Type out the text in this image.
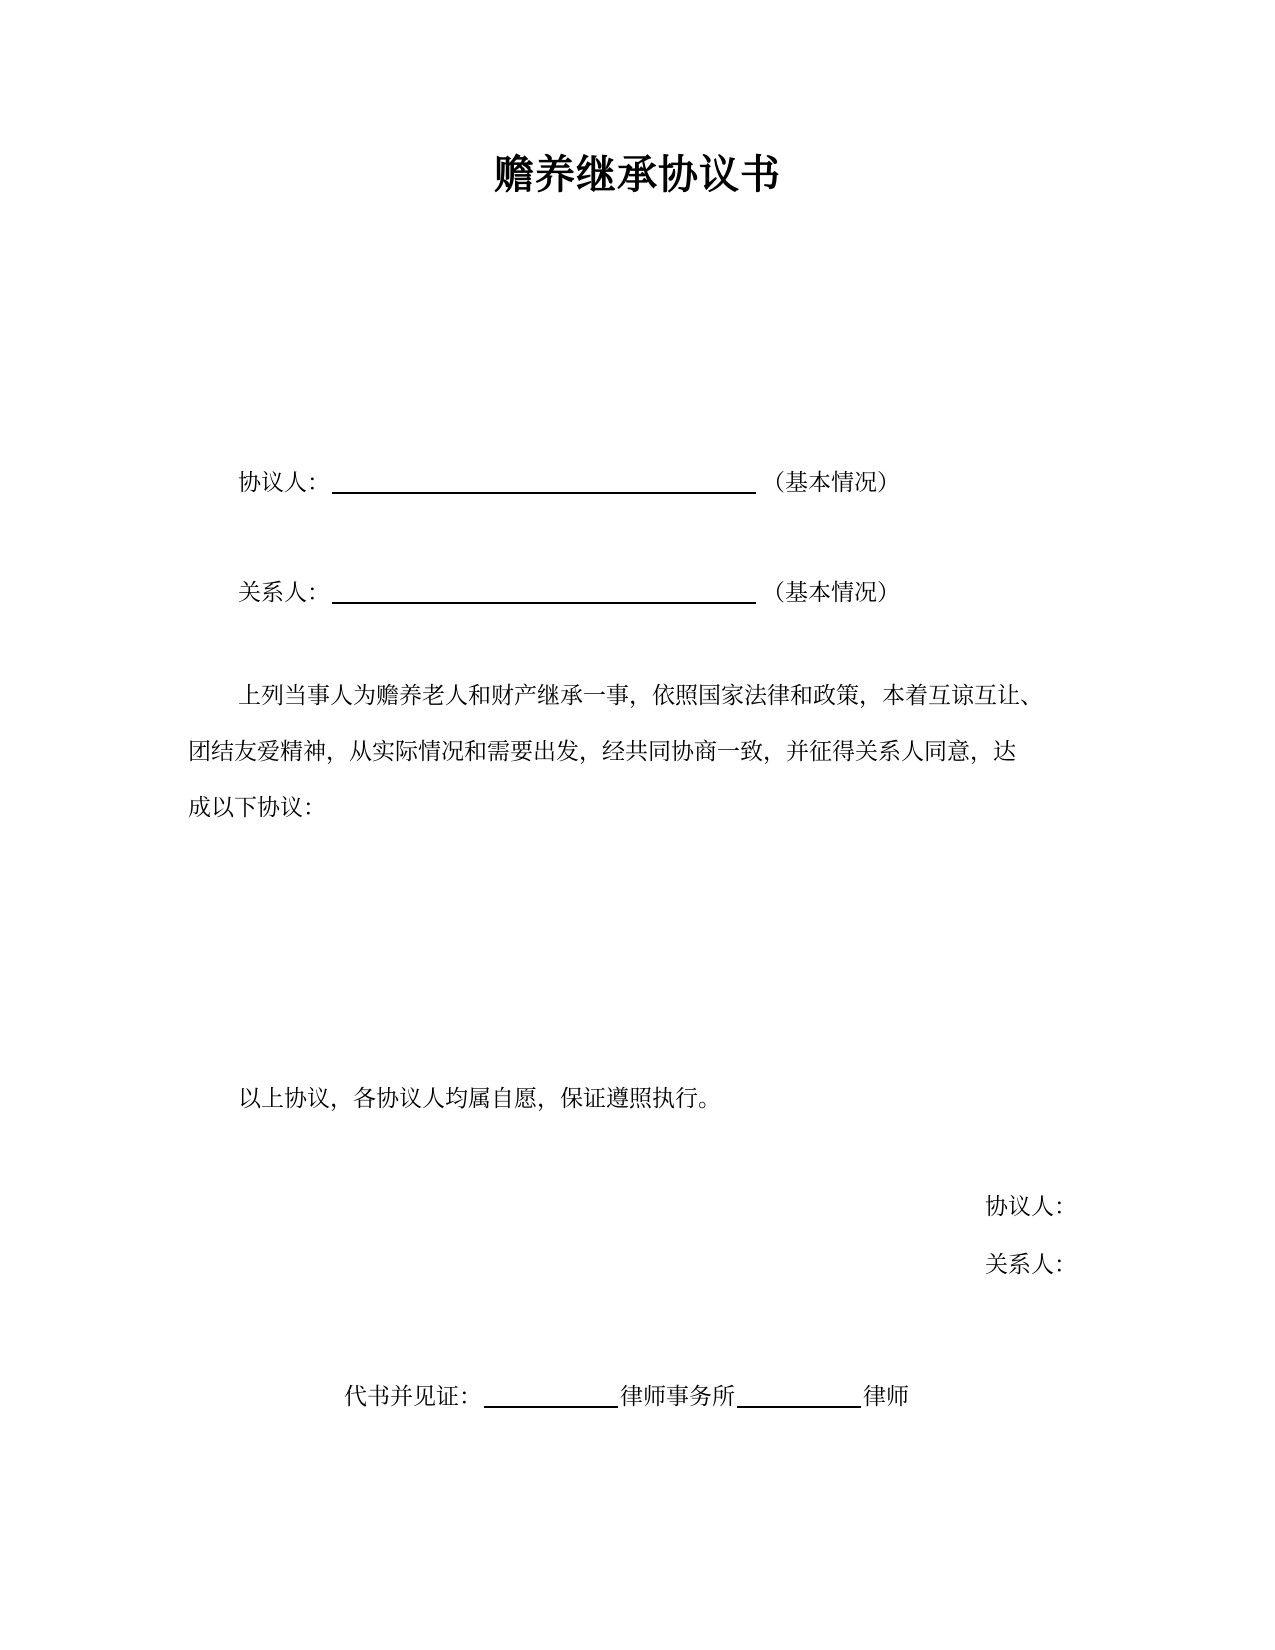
赡养继承协议书
协议人：	（基本情况）
关系人：	（基本情况）
上列当事人为赡养老人和财产继承一事，依照国家法律和政策，本着互谅互让、
团结友爱精神，从实际情况和需要出发，经共同协商一致，并征得关系人同意，达
成以下协议：
以上协议，各协议人均属自愿，保证遵照执行。
协议人：
关系人：
代书并见证：	律师事务所	律师
